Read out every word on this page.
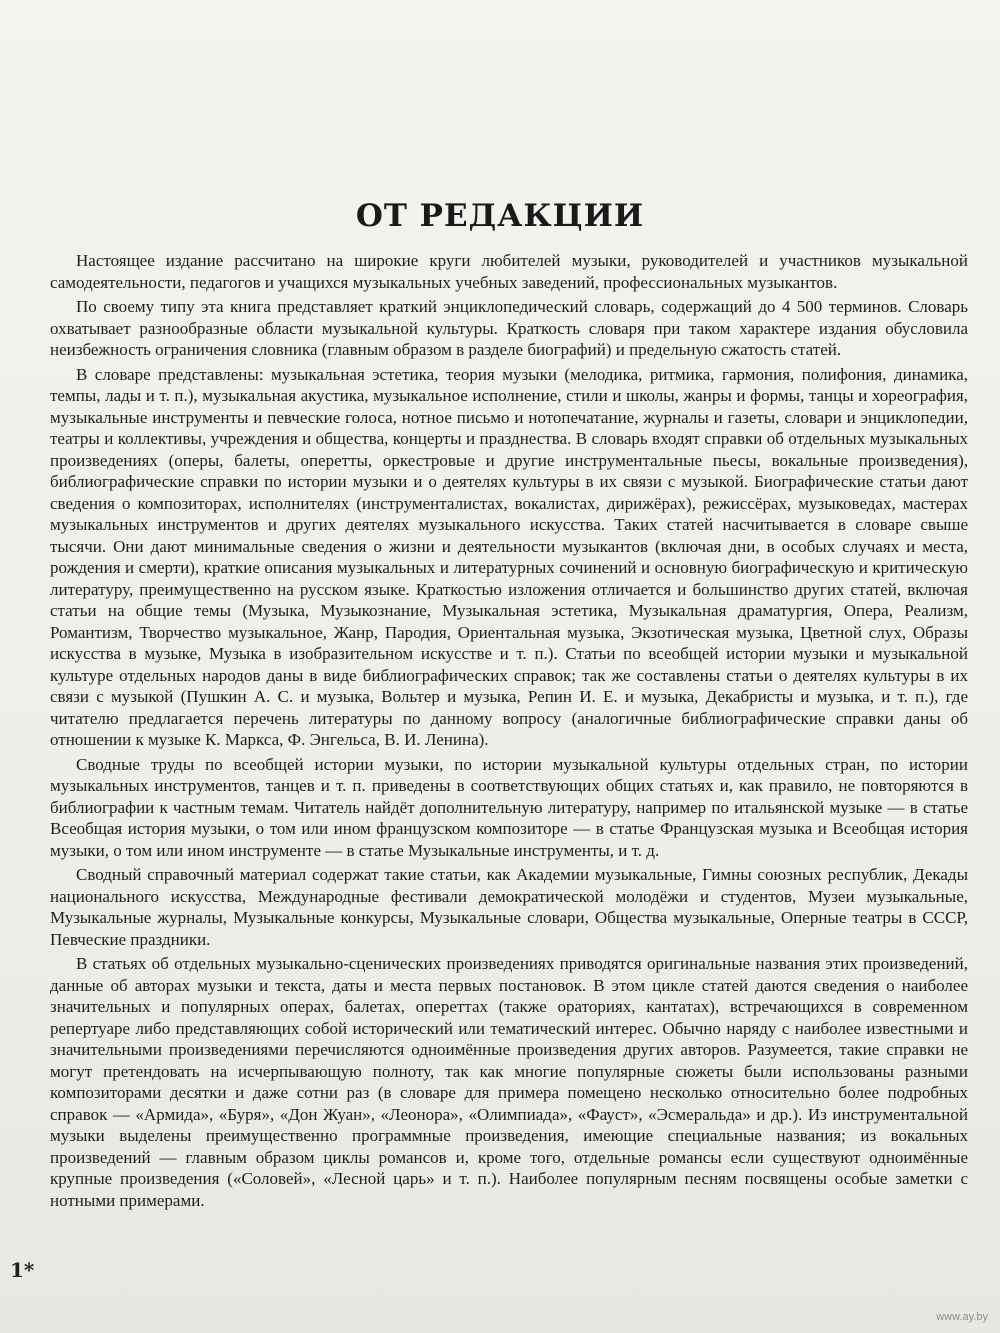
ОТ РЕДАКЦИИ

Настоящее издание рассчитано на широкие круги любителей музыки, руководителей и участников музыкальной самодеятельности, педагогов и учащихся музыкальных учебных заведений, профессиональных музыкантов.

По своему типу эта книга представляет краткий энциклопедический словарь, содержащий до 4 500 терминов. Словарь охватывает разнообразные области музыкальной культуры. Краткость словаря при таком характере издания обусловила неизбежность ограничения словника (главным образом в разделе биографий) и предельную сжатость статей.

В словаре представлены: музыкальная эстетика, теория музыки (мелодика, ритмика, гармония, полифония, динамика, темпы, лады и т. п.), музыкальная акустика, музыкальное исполнение, стили и школы, жанры и формы, танцы и хореография, музыкальные инструменты и певческие голоса, нотное письмо и нотопечатание, журналы и газеты, словари и энциклопедии, театры и коллективы, учреждения и общества, концерты и празднества. В словарь входят справки об отдельных музыкальных произведениях (оперы, балеты, оперетты, оркестровые и другие инструментальные пьесы, вокальные произведения), библиографические справки по истории музыки и о деятелях культуры в их связи с музыкой. Биографические статьи дают сведения о композиторах, исполнителях (инструменталистах, вокалистах, дирижёрах), режиссёрах, музыковедах, мастерах музыкальных инструментов и других деятелях музыкального искусства. Таких статей насчитывается в словаре свыше тысячи. Они дают минимальные сведения о жизни и деятельности музыкантов (включая дни, в особых случаях и места, рождения и смерти), краткие описания музыкальных и литературных сочинений и основную биографическую и критическую литературу, преимущественно на русском языке. Краткостью изложения отличается и большинство других статей, включая статьи на общие темы (Музыка, Музыкознание, Музыкальная эстетика, Музыкальная драматургия, Опера, Реализм, Романтизм, Творчество музыкальное, Жанр, Пародия, Ориентальная музыка, Экзотическая музыка, Цветной слух, Образы искусства в музыке, Музыка в изобразительном искусстве и т. п.). Статьи по всеобщей истории музыки и музыкальной культуре отдельных народов даны в виде библиографических справок; так же составлены статьи о деятелях культуры в их связи с музыкой (Пушкин А. С. и музыка, Вольтер и музыка, Репин И. Е. и музыка, Декабристы и музыка, и т. п.), где читателю предлагается перечень литературы по данному вопросу (аналогичные библиографические справки даны об отношении к музыке К. Маркса, Ф. Энгельса, В. И. Ленина).

Сводные труды по всеобщей истории музыки, по истории музыкальной культуры отдельных стран, по истории музыкальных инструментов, танцев и т. п. приведены в соответствующих общих статьях и, как правило, не повторяются в библиографии к частным темам. Читатель найдёт дополнительную литературу, например по итальянской музыке — в статье Всеобщая история музыки, о том или ином французском композиторе — в статье Французская музыка и Всеобщая история музыки, о том или ином инструменте — в статье Музыкальные инструменты, и т. д.

Сводный справочный материал содержат такие статьи, как Академии музыкальные, Гимны союзных республик, Декады национального искусства, Международные фестивали демократической молодёжи и студентов, Музеи музыкальные, Музыкальные журналы, Музыкальные конкурсы, Музыкальные словари, Общества музыкальные, Оперные театры в СССР, Певческие праздники.

В статьях об отдельных музыкально-сценических произведениях приводятся оригинальные названия этих произведений, данные об авторах музыки и текста, даты и места первых постановок. В этом цикле статей даются сведения о наиболее значительных и популярных операх, балетах, опереттах (также ораториях, кантатах), встречающихся в современном репертуаре либо представляющих собой исторический или тематический интерес. Обычно наряду с наиболее известными и значительными произведениями перечисляются одноимённые произведения других авторов. Разумеется, такие справки не могут претендовать на исчерпывающую полноту, так как многие популярные сюжеты были использованы разными композиторами десятки и даже сотни раз (в словаре для примера помещено несколько относительно более подробных справок — «Армида», «Буря», «Дон Жуан», «Леонора», «Олимпиада», «Фауст», «Эсмеральда» и др.). Из инструментальной музыки выделены преимущественно программные произведения, имеющие специальные названия; из вокальных произведений — главным образом циклы романсов и, кроме того, отдельные романсы если существуют одноимённые крупные произведения («Соловей», «Лесной царь» и т. п.). Наиболее популярным песням посвящены особые заметки с нотными примерами.

1*

www.ay.by
